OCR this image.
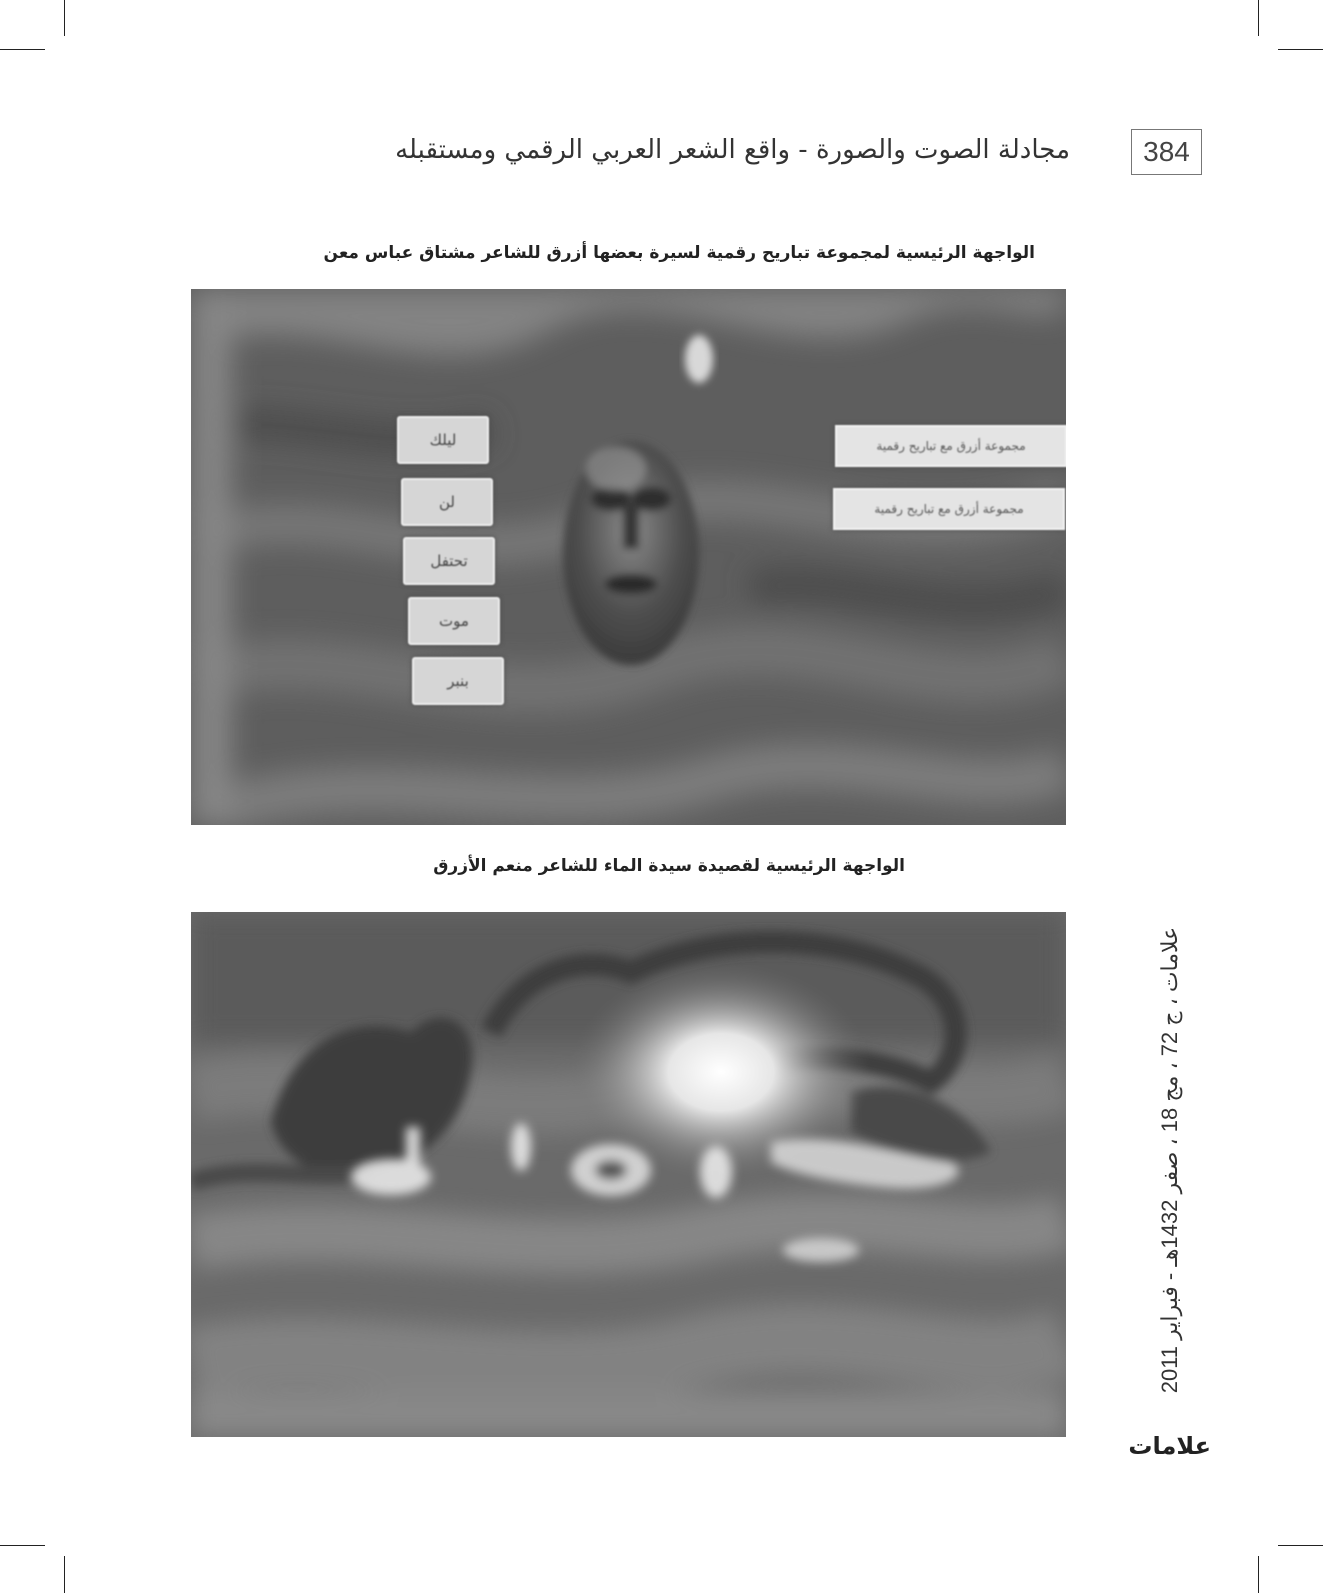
مجادلة الصوت والصورة - واقع الشعر العربي الرقمي ومستقبله	384
الواجهة الرئيسية لمجموعة تباريح رقمية لسيرة بعضها أزرق للشاعر مشتاق عباس معن
ليلك
لن
تحتفل
موت
بنبر
مجموعة أزرق مع تباريح رقمية
مجموعة أزرق مع تباريح رقمية
الواجهة الرئيسية لقصيدة سيدة الماء للشاعر منعم الأزرق
علامات ، ج 72 ، مج 18 ، صفر 1432هـ - فبراير 2011
علامات
